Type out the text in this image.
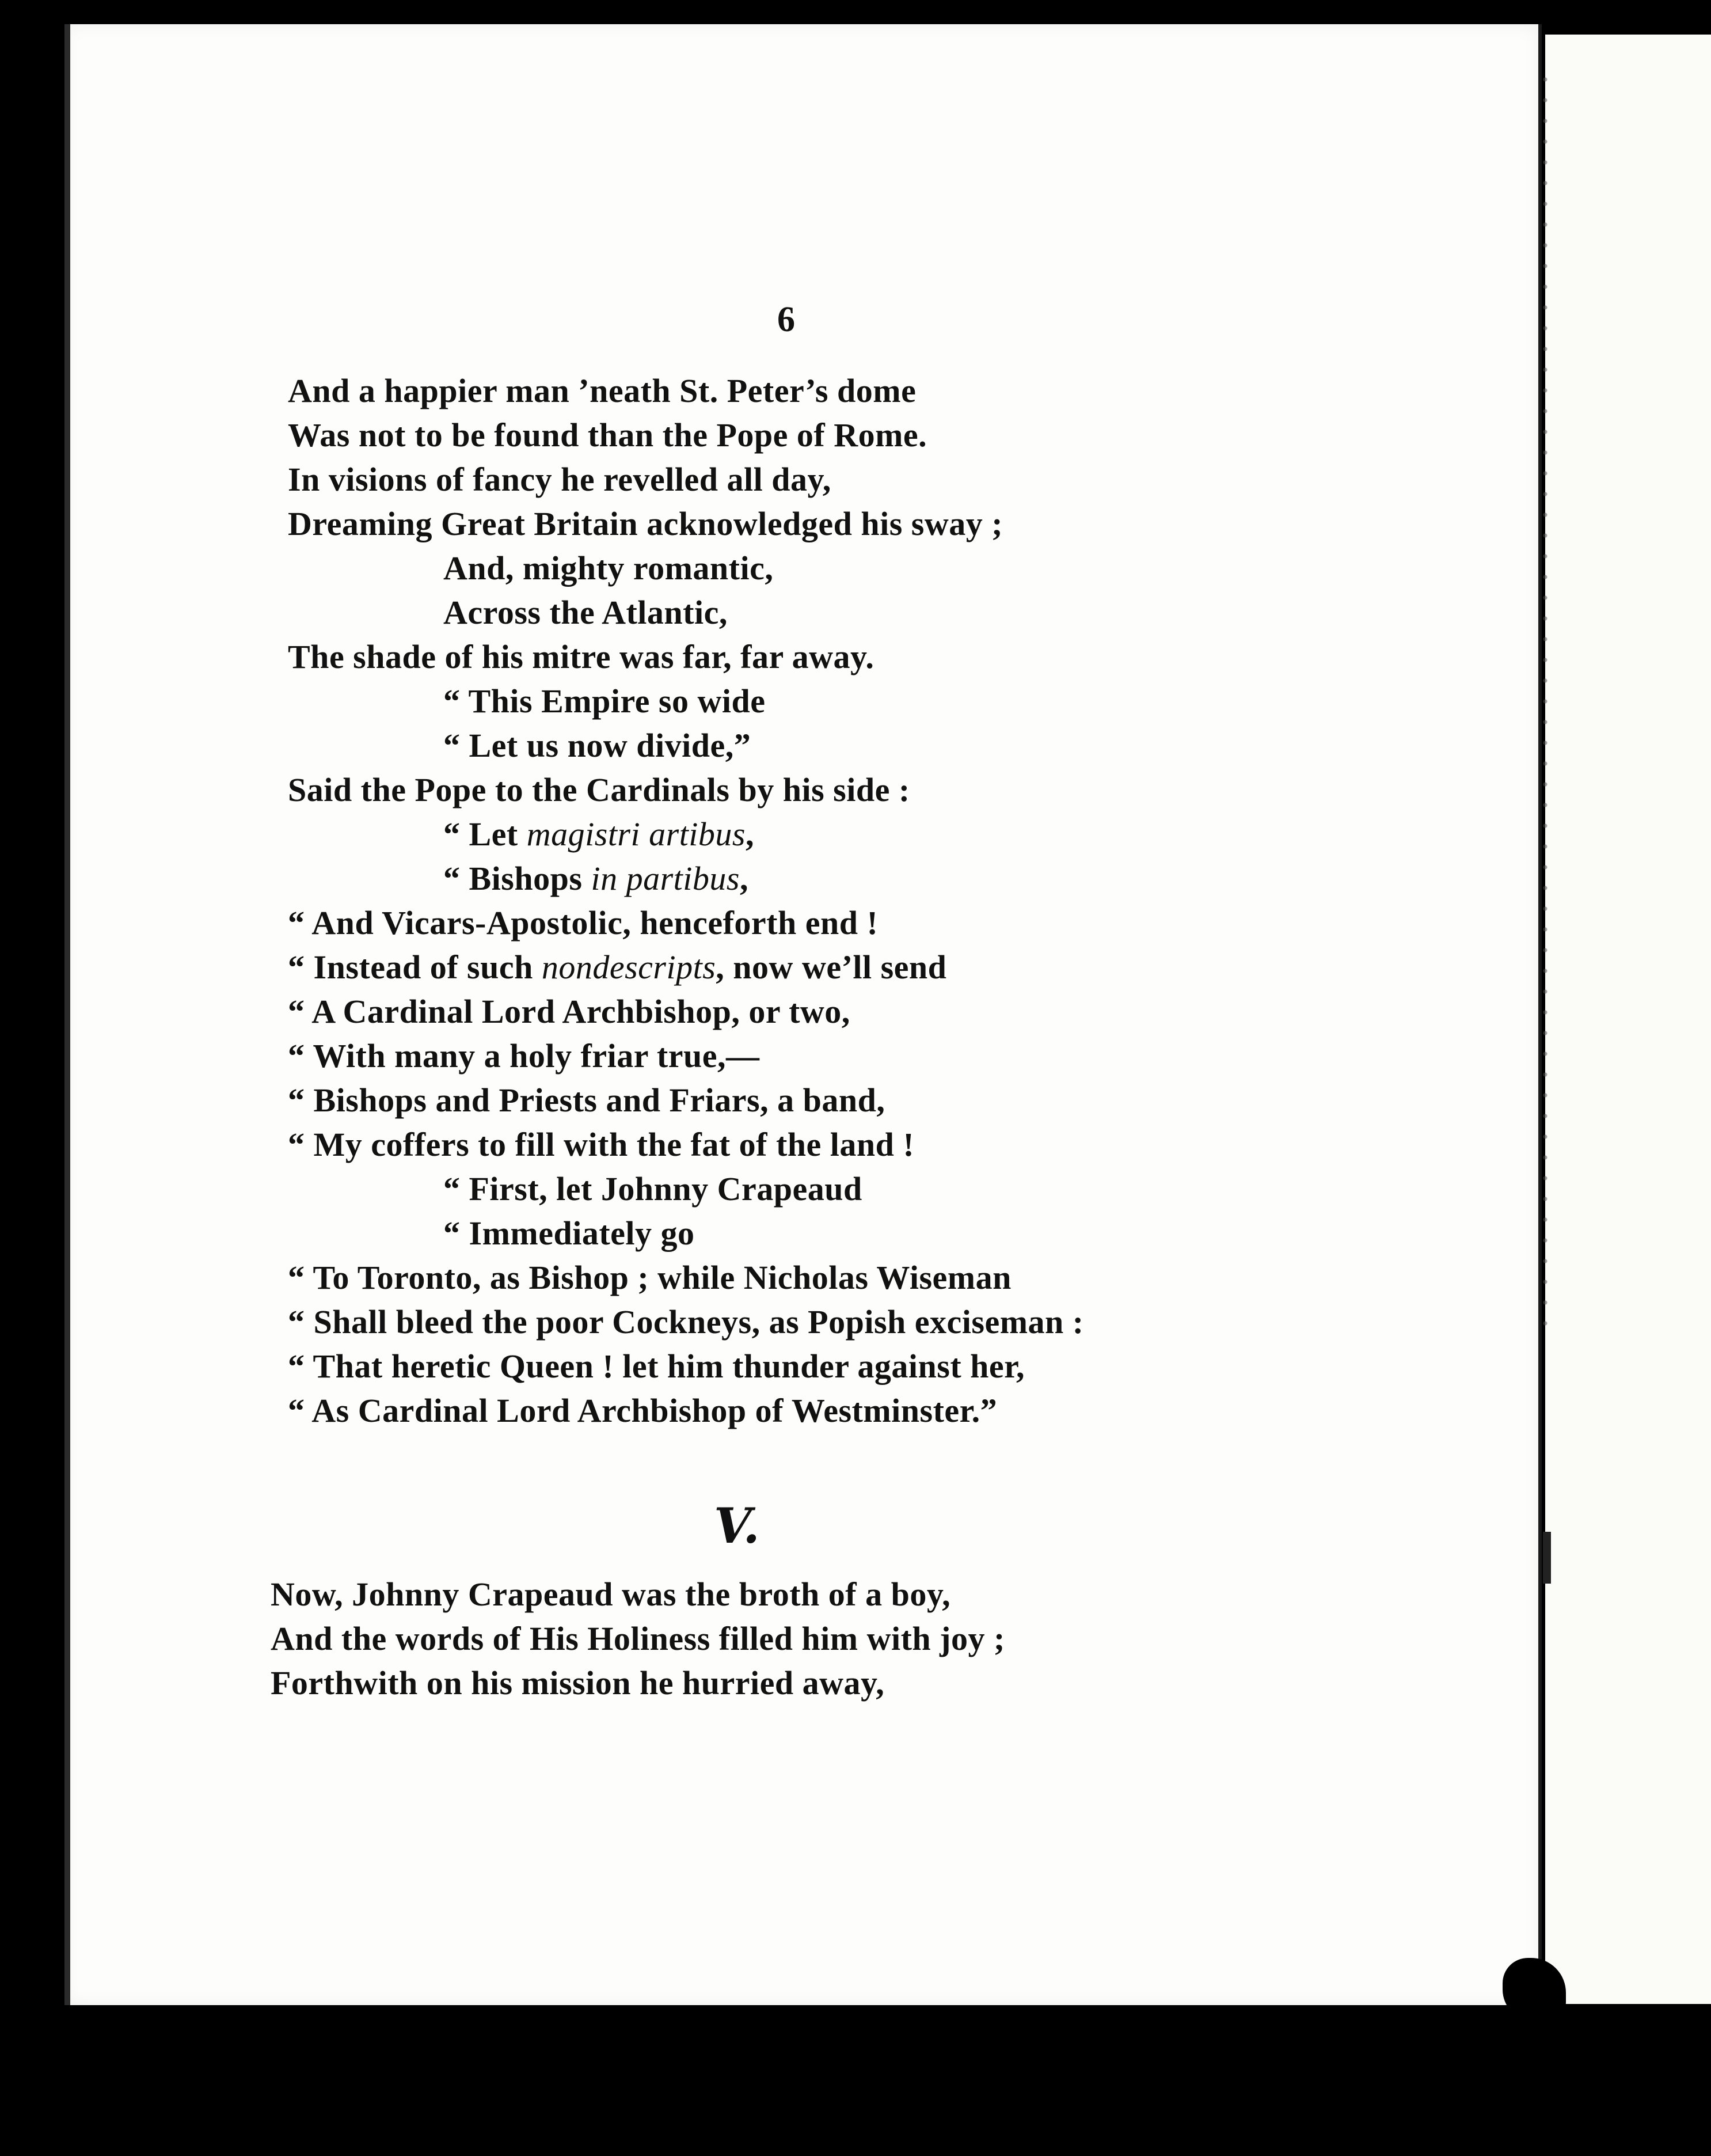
6

And a happier man ’neath St. Peter’s dome
Was not to be found than the Pope of Rome.
In visions of fancy he revelled all day,
Dreaming Great Britain acknowledged his sway ;
And, mighty romantic,
Across the Atlantic,
The shade of his mitre was far, far away.
“ This Empire so wide
“ Let us now divide,”
Said the Pope to the Cardinals by his side :
“ Let magistri artibus,
“ Bishops in partibus,
“ And Vicars-Apostolic, henceforth end !
“ Instead of such nondescripts, now we’ll send
“ A Cardinal Lord Archbishop, or two,
“ With many a holy friar true,—
“ Bishops and Priests and Friars, a band,
“ My coffers to fill with the fat of the land !
“ First, let Johnny Crapeaud
“ Immediately go
“ To Toronto, as Bishop ; while Nicholas Wiseman
“ Shall bleed the poor Cockneys, as Popish exciseman :
“ That heretic Queen ! let him thunder against her,
“ As Cardinal Lord Archbishop of Westminster.”

V.

Now, Johnny Crapeaud was the broth of a boy,
And the words of His Holiness filled him with joy ;
Forthwith on his mission he hurried away,
